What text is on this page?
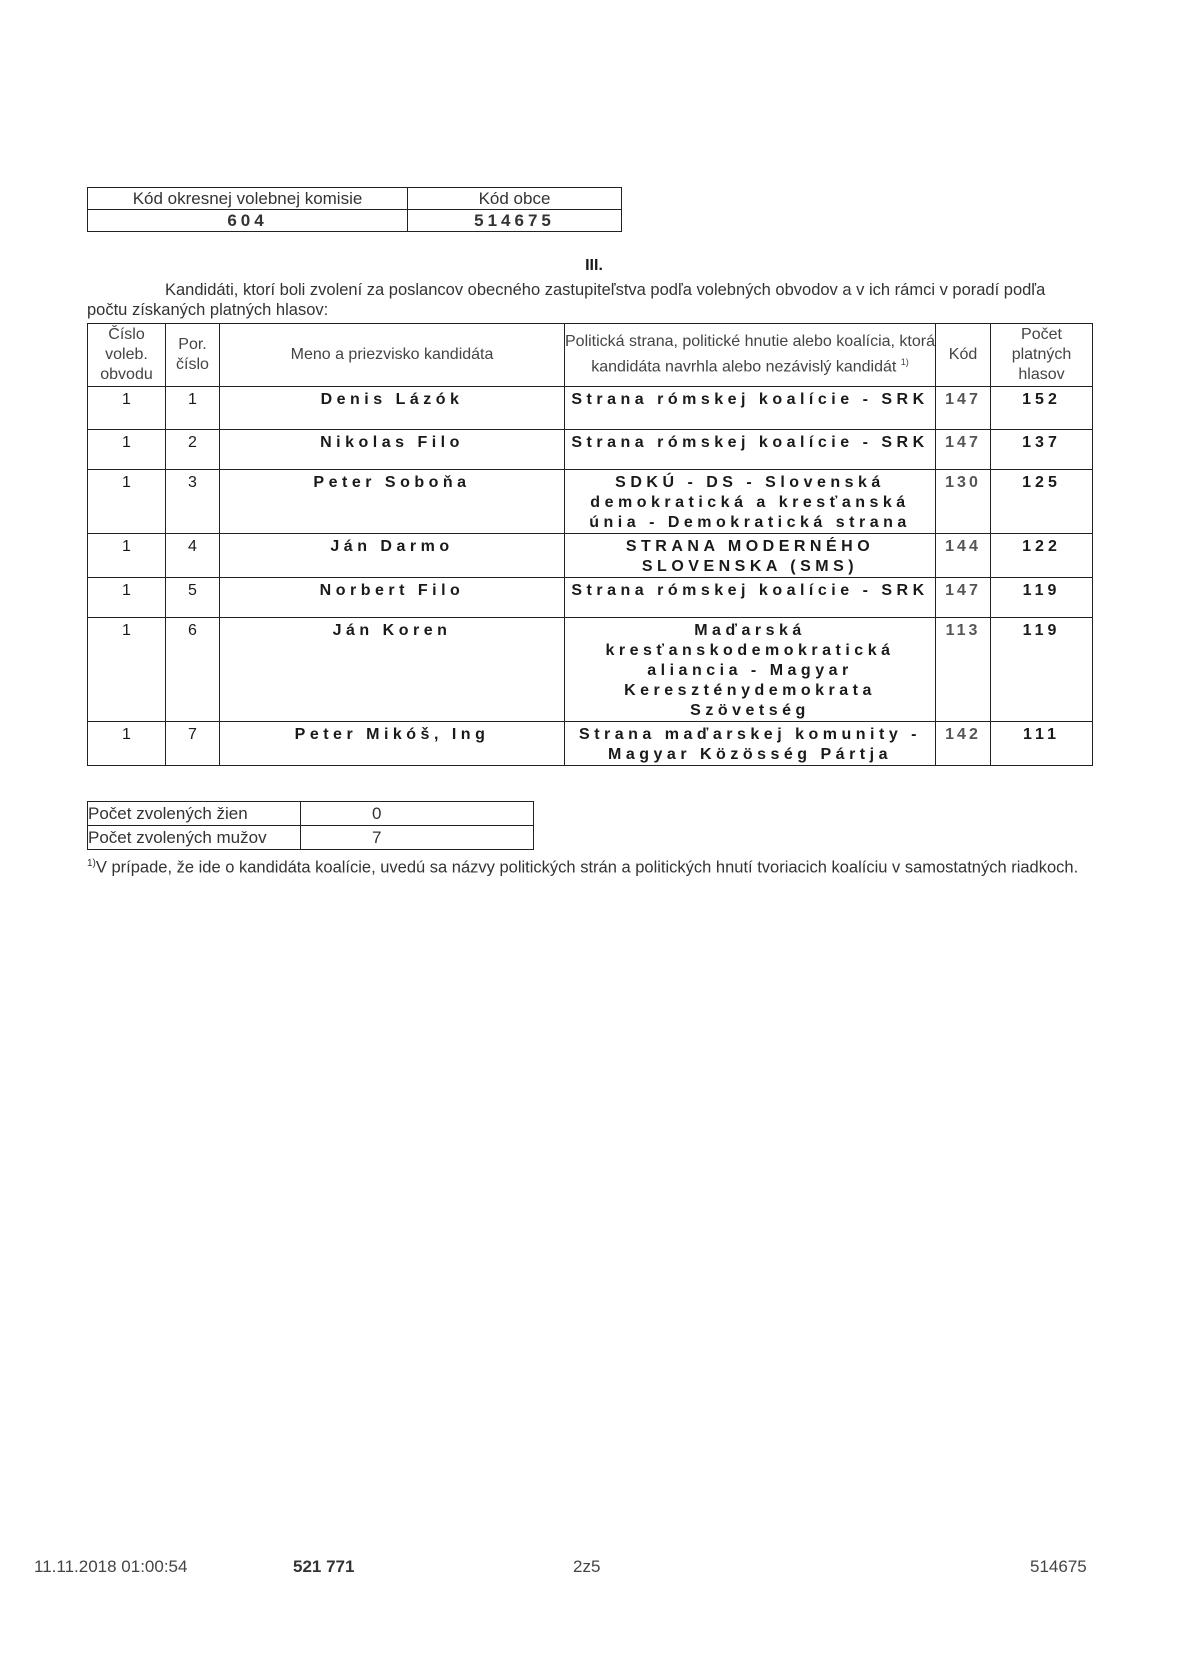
Kód okresnej volebnej komisie	Kód obce
604	514675
III.
Kandidáti, ktorí boli zvolení za poslancov obecného zastupiteľstva podľa volebných obvodov a v ich rámci v poradí podľa počtu získaných platných hlasov:
Číslo voleb. obvodu	Por. číslo	Meno a priezvisko kandidáta	Politická strana, politické hnutie alebo koalícia, ktorá kandidáta navrhla alebo nezávislý kandidát $^{1)}$	Kód	Počet platných hlasov
1	1	Denis Lázók	Strana rómskej koalície - SRK	147	152
1	2	Nikolas Filo	Strana rómskej koalície - SRK	147	137
1	3	Peter Soboňa	SDKÚ - DS - Slovenská demokratická a kresťanská únia - Demokratická strana	130	125
1	4	Ján Darmo	STRANA MODERNÉHO SLOVENSKA (SMS)	144	122
1	5	Norbert Filo	Strana rómskej koalície - SRK	147	119
1	6	Ján Koren	Maďarská kresťanskodemokratická aliancia - Magyar Kereszténydemokrata Szövetség	113	119
1	7	Peter Mikóš, Ing	Strana maďarskej komunity - Magyar Közösség Pártja	142	111
Počet zvolených žien	0
Počet zvolených mužov	7
$^{1)}$V prípade, že ide o kandidáta koalície, uvedú sa názvy politických strán a politických hnutí tvoriacich koalíciu v samostatných riadkoch.
11.11.2018 01:00:54	521 771	2z5	514675
